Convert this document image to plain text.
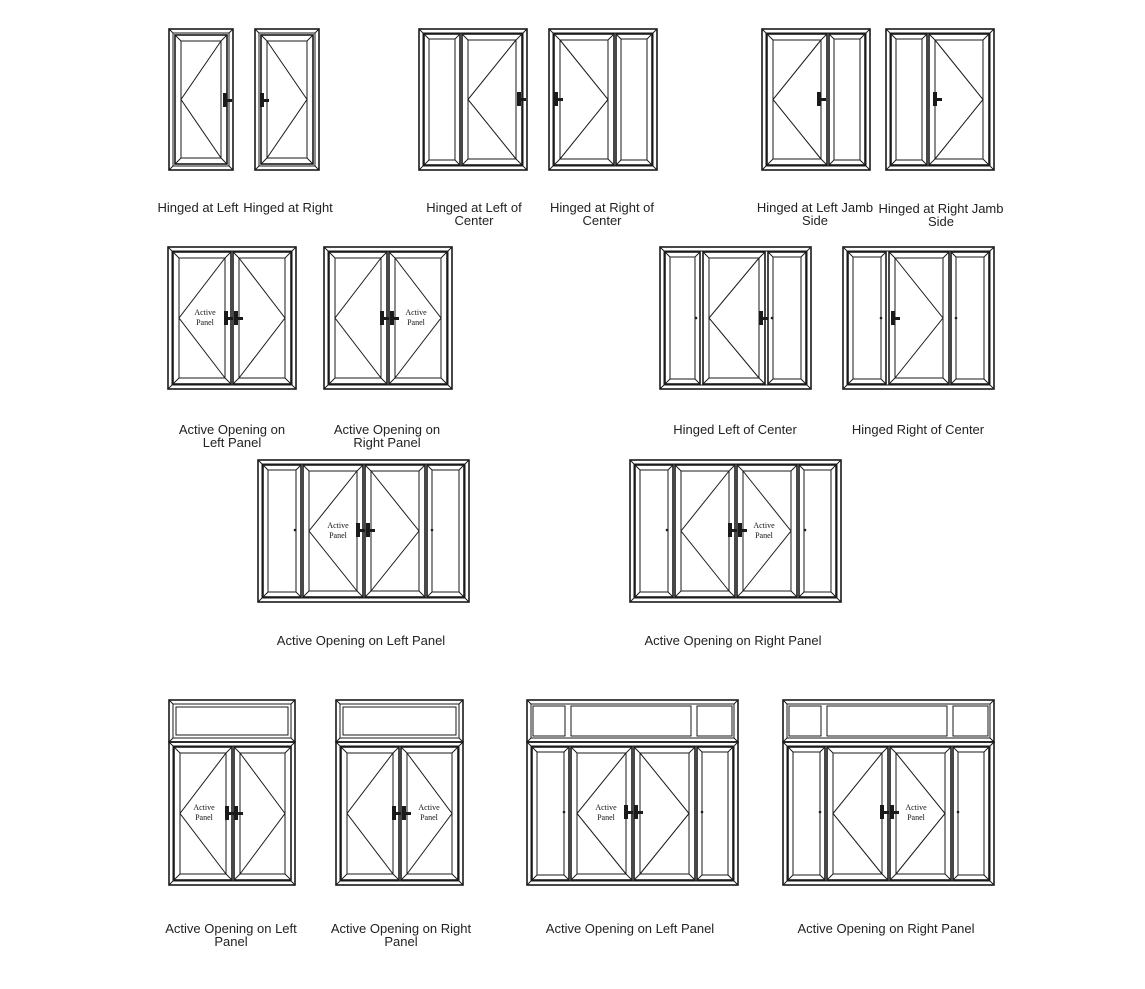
Active Panel
Active Panel
Active Panel
Active Panel
Active Panel
Active Panel
Active Panel
Active Panel
Hinged at Left Hinged at Right	Hinged at Left of
Center
Hinged at Right of
Center
Hinged at Left Jamb
Side
Hinged at Right Jamb
Side
Active Opening on
Left Panel
Active Opening on
Right Panel
Hinged Left of Center	Hinged Right of Center
Active Opening on Left Panel	Active Opening on Right Panel
Active Opening on Left
Panel
Active Opening on Right
Panel
Active Opening on Left Panel	Active Opening on Right Panel
